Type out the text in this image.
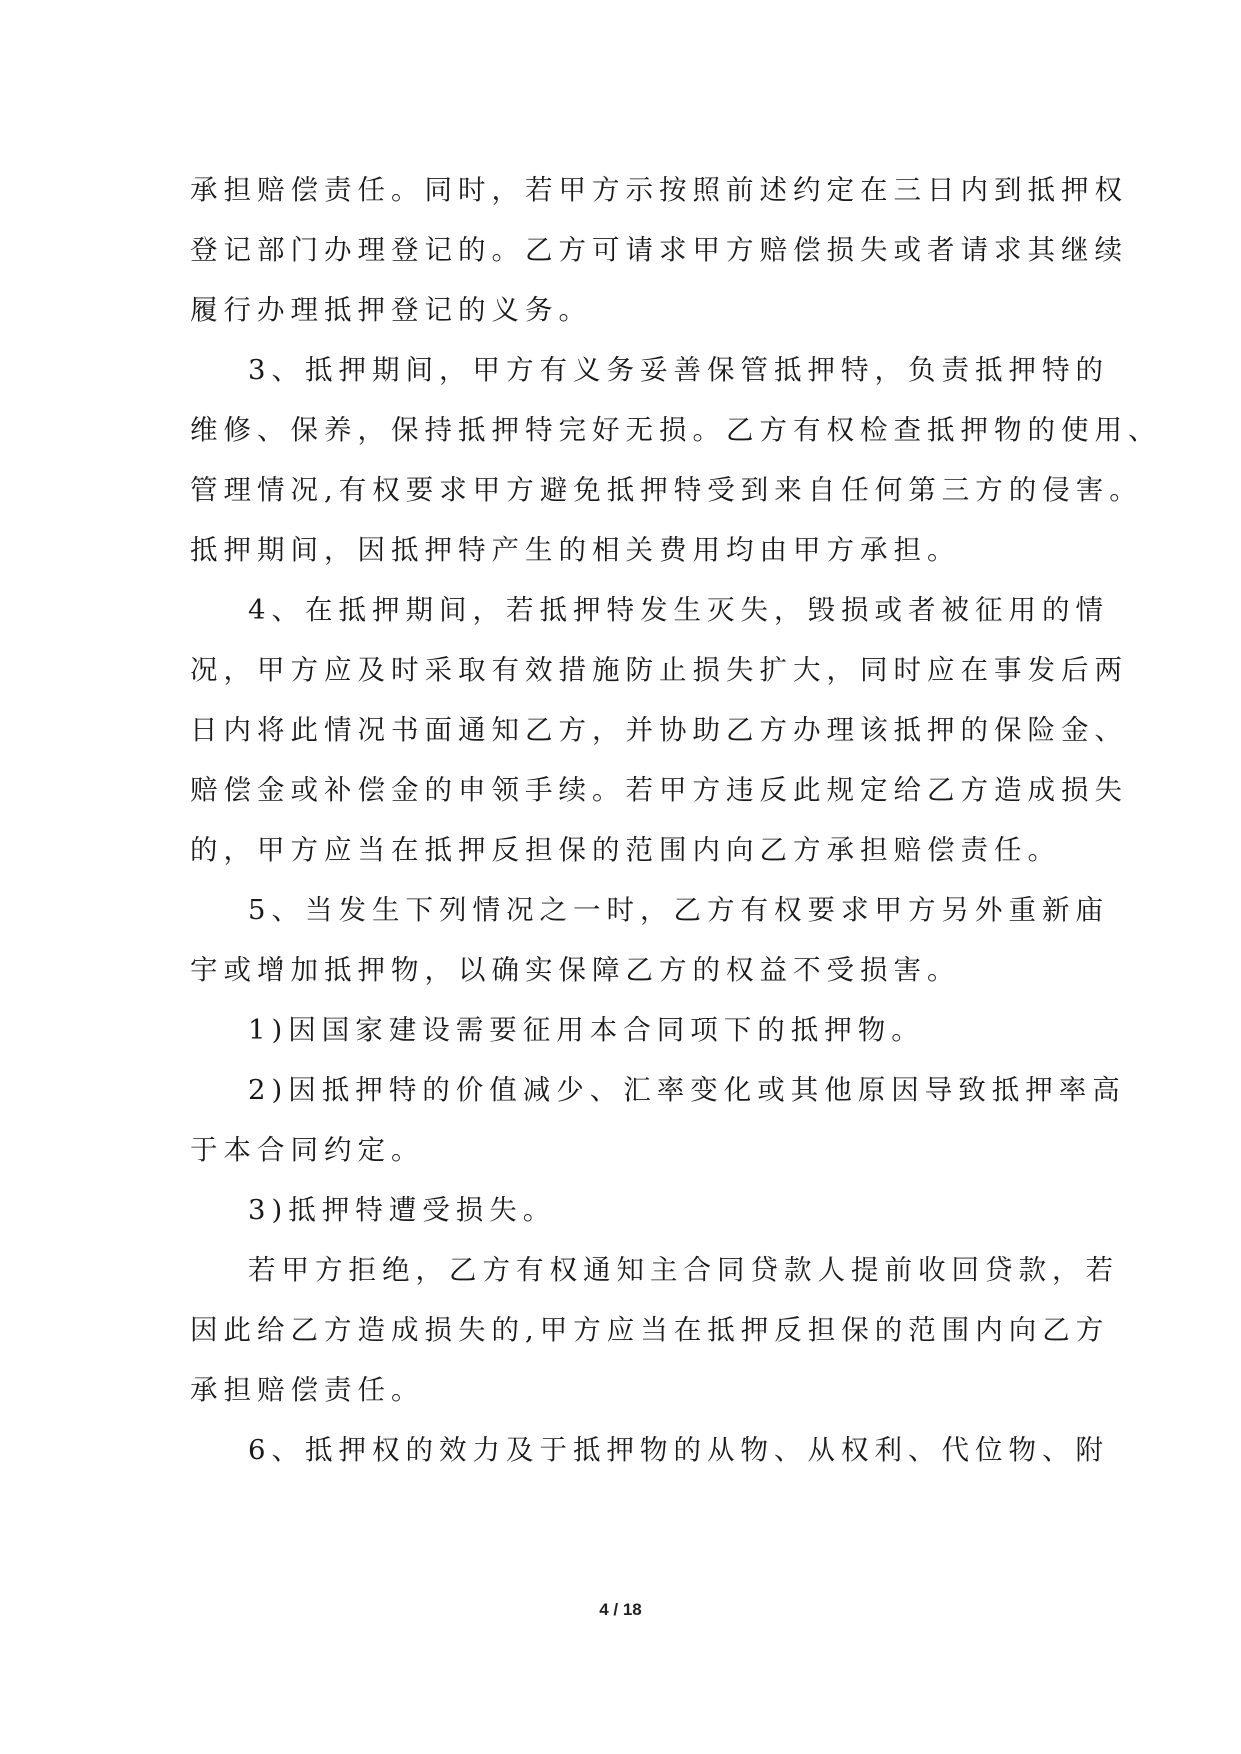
承担赔偿责任。同时，若甲方示按照前述约定在三日内到抵押权
登记部门办理登记的。乙方可请求甲方赔偿损失或者请求其继续
履行办理抵押登记的义务。
3、抵押期间，甲方有义务妥善保管抵押特，负责抵押特的
维修、保养，保持抵押特完好无损。乙方有权检查抵押物的使用、
管理情况,有权要求甲方避免抵押特受到来自任何第三方的侵害。
抵押期间，因抵押特产生的相关费用均由甲方承担。
4、在抵押期间，若抵押特发生灭失，毁损或者被征用的情
况，甲方应及时采取有效措施防止损失扩大，同时应在事发后两
日内将此情况书面通知乙方，并协助乙方办理该抵押的保险金、
赔偿金或补偿金的申领手续。若甲方违反此规定给乙方造成损失
的，甲方应当在抵押反担保的范围内向乙方承担赔偿责任。
5、当发生下列情况之一时，乙方有权要求甲方另外重新庙
宇或增加抵押物，以确实保障乙方的权益不受损害。
1)因国家建设需要征用本合同项下的抵押物。
2)因抵押特的价值减少、汇率变化或其他原因导致抵押率高
于本合同约定。
3)抵押特遭受损失。
若甲方拒绝，乙方有权通知主合同贷款人提前收回贷款，若
因此给乙方造成损失的,甲方应当在抵押反担保的范围内向乙方
承担赔偿责任。
6、抵押权的效力及于抵押物的从物、从权利、代位物、附
4 / 18
